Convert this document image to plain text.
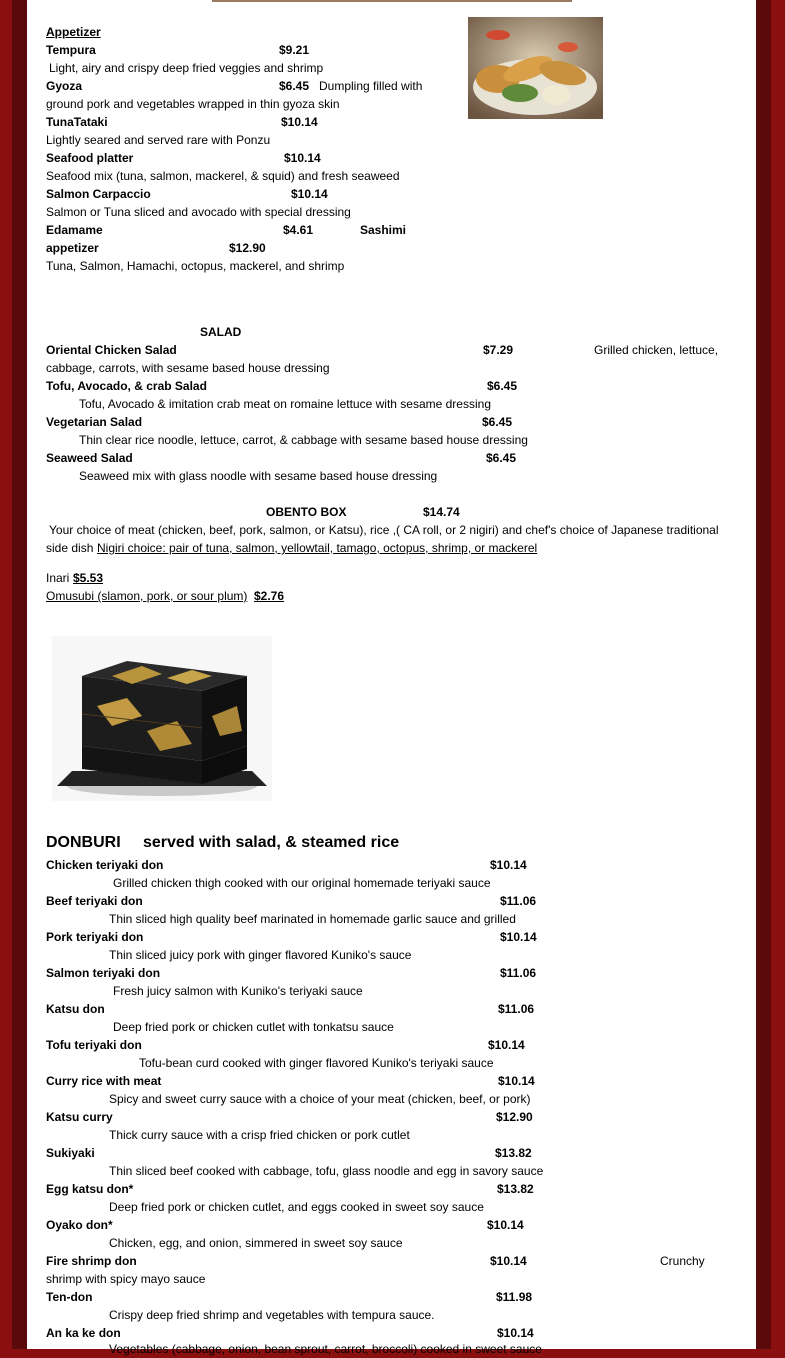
Appetizer
Tempura	$9.21
Light, airy and crispy deep fried veggies and shrimp
Gyoza	$6.45 Dumpling filled with
ground pork and vegetables wrapped in thin gyoza skin
TunaTataki	$10.14
Lightly seared and served rare with Ponzu
Seafood platter	$10.14
Seafood mix (tuna, salmon, mackerel, & squid) and fresh seaweed
Salmon Carpaccio	$10.14
Salmon or Tuna sliced and avocado with special dressing
Edamame	$4.61	Sashimi
appetizer	$12.90
Tuna, Salmon, Hamachi, octopus, mackerel, and shrimp
SALAD
Oriental Chicken Salad	$7.29	Grilled chicken, lettuce,
cabbage, carrots, with sesame based house dressing
Tofu, Avocado, & crab Salad	$6.45
Tofu, Avocado & imitation crab meat on romaine lettuce with sesame dressing
Vegetarian Salad	$6.45
Thin clear rice noodle, lettuce, carrot, & cabbage with sesame based house dressing
Seaweed Salad	$6.45
Seaweed mix with glass noodle with sesame based house dressing
OBENTO BOX	$14.74
Your choice of meat (chicken, beef, pork, salmon, or Katsu), rice ,( CA roll, or 2 nigiri) and chef's choice of Japanese traditional
side dish Nigiri choice: pair of tuna, salmon, yellowtail, tamago, octopus, shrimp, or mackerel
Inari $5.53
Omusubi (slamon, pork, or sour plum) $2.76
DONBURI served with salad, & steamed rice
Chicken teriyaki don	$10.14
Grilled chicken thigh cooked with our original homemade teriyaki sauce
Beef teriyaki don	$11.06
Thin sliced high quality beef marinated in homemade garlic sauce and grilled
Pork teriyaki don	$10.14
Thin sliced juicy pork with ginger flavored Kuniko's sauce
Salmon teriyaki don	$11.06
Fresh juicy salmon with Kuniko's teriyaki sauce
Katsu don	$11.06
Deep fried pork or chicken cutlet with tonkatsu sauce
Tofu teriyaki don	$10.14
Tofu-bean curd cooked with ginger flavored Kuniko's teriyaki sauce
Curry rice with meat	$10.14
Spicy and sweet curry sauce with a choice of your meat (chicken, beef, or pork)
Katsu curry	$12.90
Thick curry sauce with a crisp fried chicken or pork cutlet
Sukiyaki	$13.82
Thin sliced beef cooked with cabbage, tofu, glass noodle and egg in savory sauce
Egg katsu don*	$13.82
Deep fried pork or chicken cutlet, and eggs cooked in sweet soy sauce
Oyako don*	$10.14
Chicken, egg, and onion, simmered in sweet soy sauce
Fire shrimp don	$10.14	Crunchy
shrimp with spicy mayo sauce
Ten-don	$11.98
Crispy deep fried shrimp and vegetables with tempura sauce.
An ka ke don	$10.14
Vegetables (cabbage, onion, bean sprout, carrot, broccoli) cooked in sweet sauce
